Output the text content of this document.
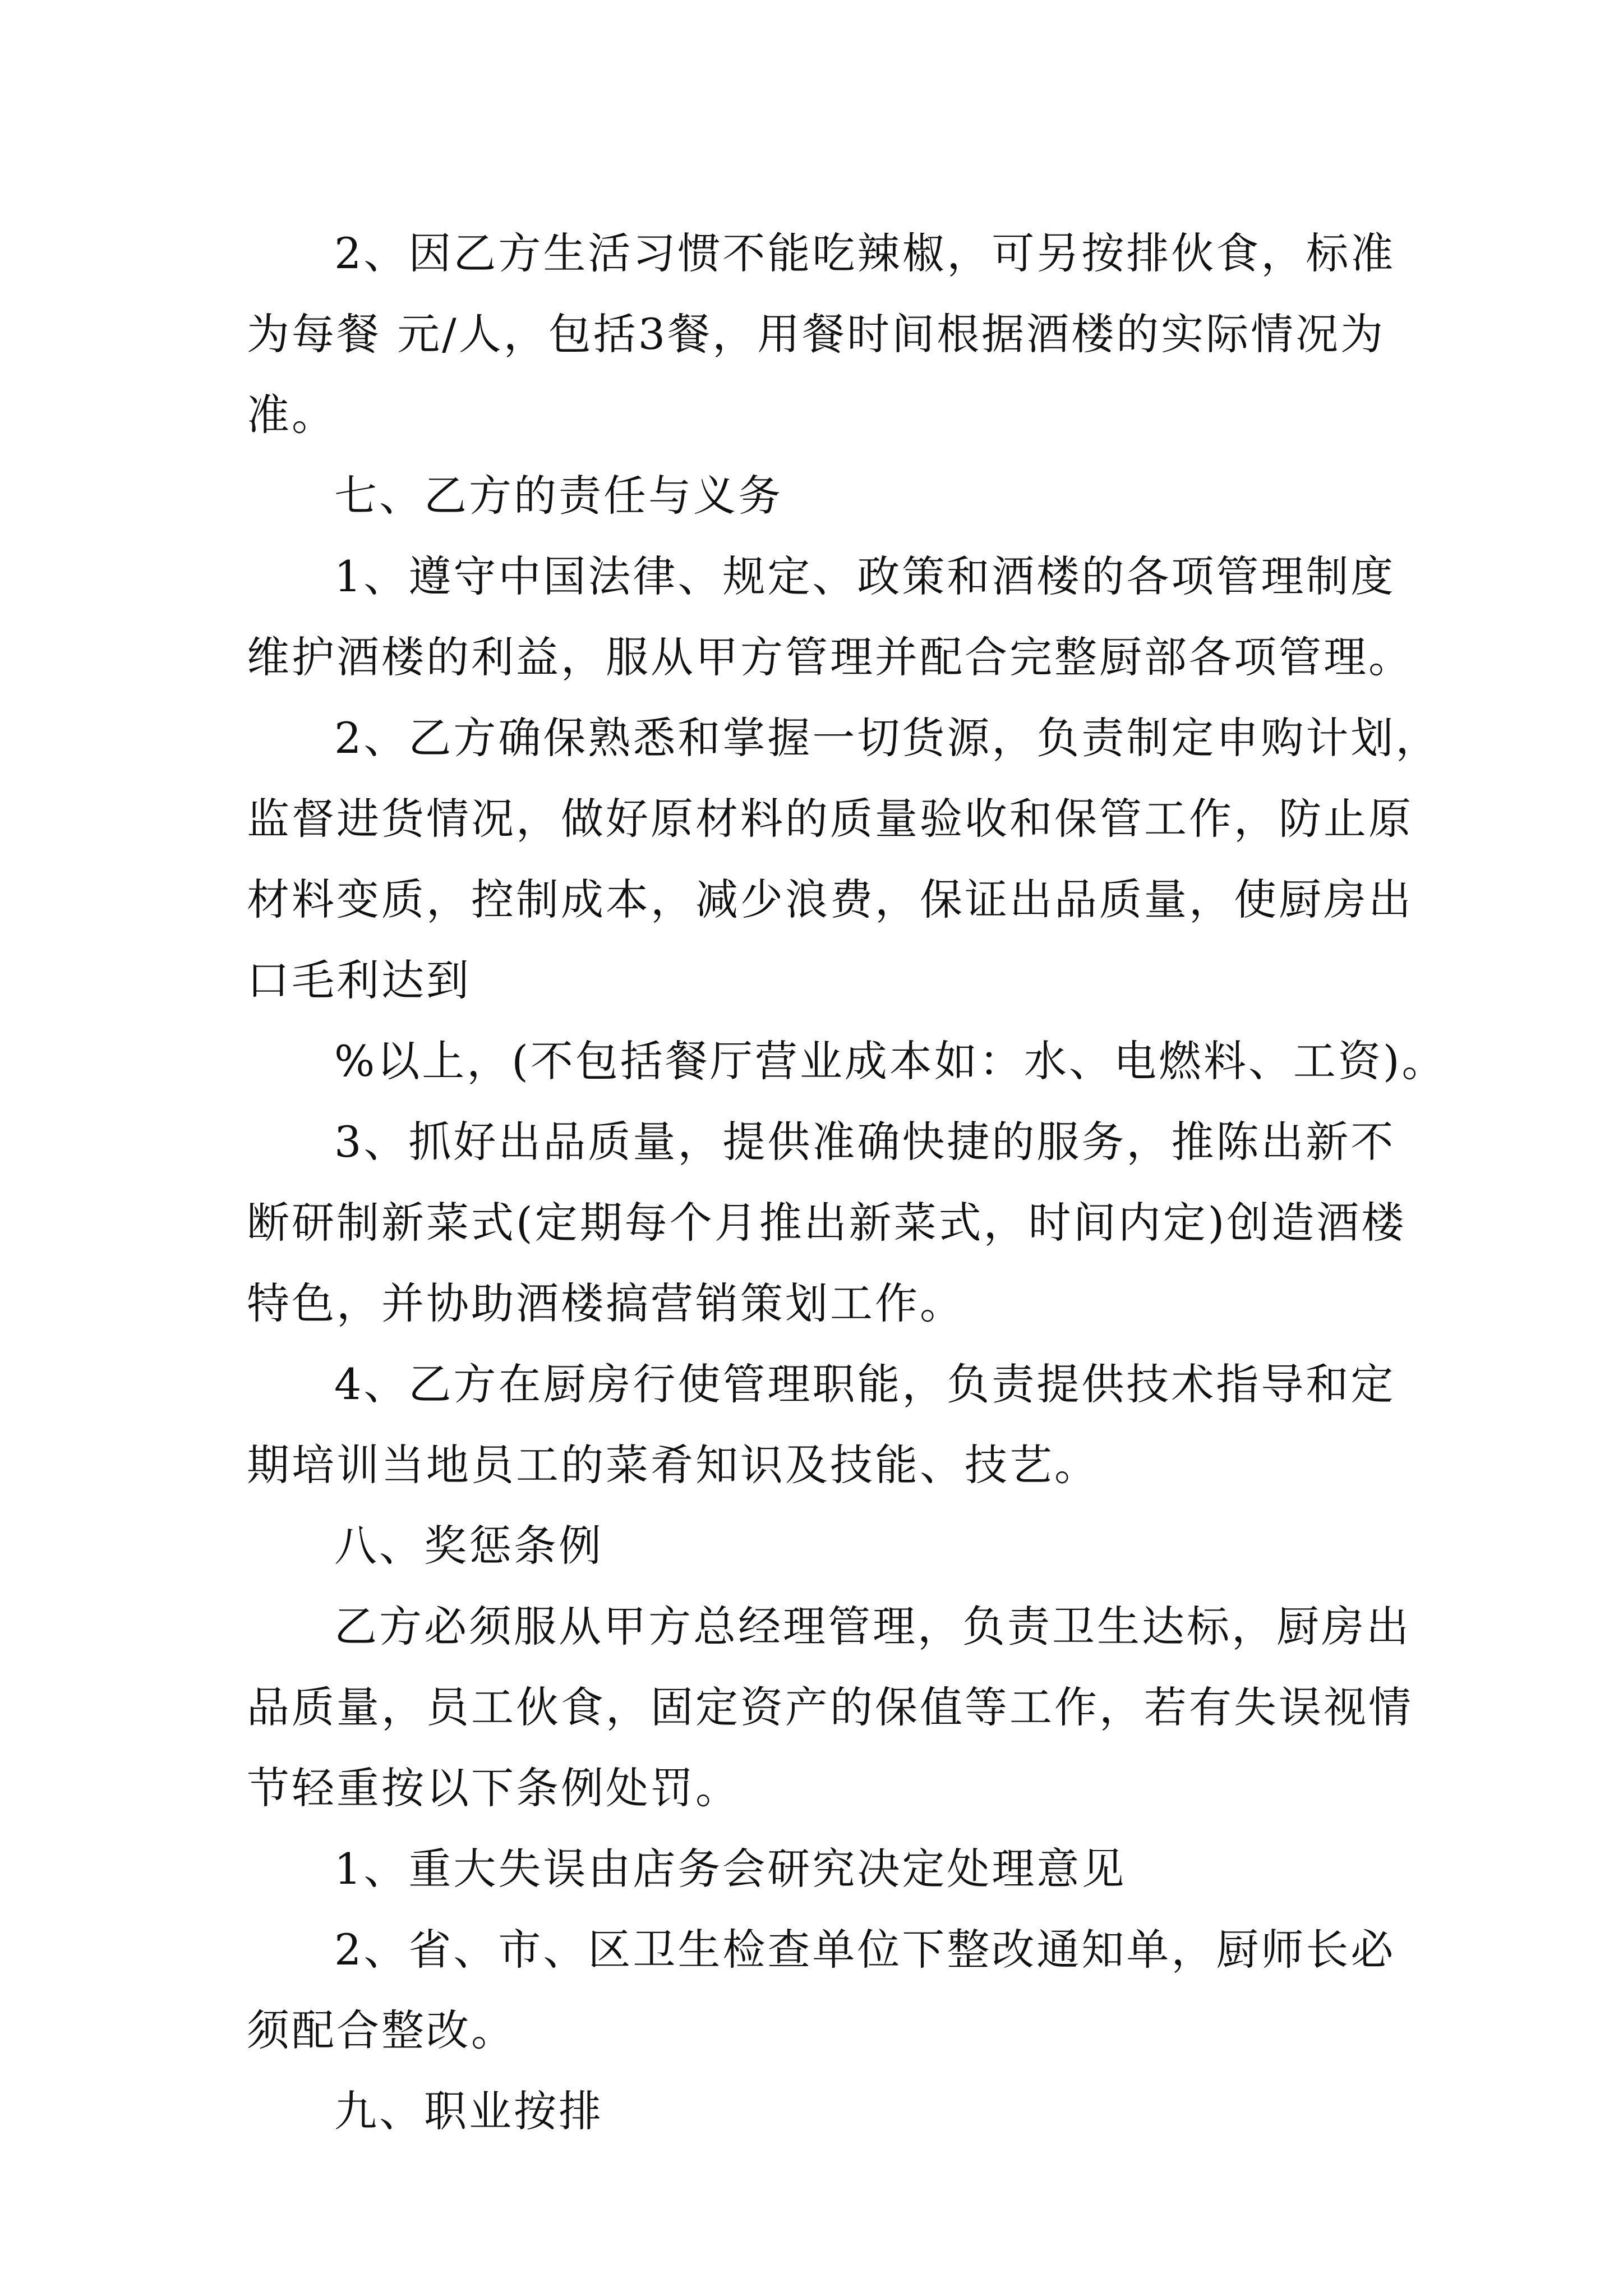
2、因乙方生活习惯不能吃辣椒，可另按排伙食，标准
为每餐 元/人，包括3餐，用餐时间根据酒楼的实际情况为
准。
七、乙方的责任与义务
1、遵守中国法律、规定、政策和酒楼的各项管理制度
维护酒楼的利益，服从甲方管理并配合完整厨部各项管理。
2、乙方确保熟悉和掌握一切货源，负责制定申购计划，
监督进货情况，做好原材料的质量验收和保管工作，防止原
材料变质，控制成本，减少浪费，保证出品质量，使厨房出
口毛利达到
%以上，(不包括餐厅营业成本如：水、电燃料、工资)。
3、抓好出品质量，提供准确快捷的服务，推陈出新不
断研制新菜式(定期每个月推出新菜式，时间内定)创造酒楼
特色，并协助酒楼搞营销策划工作。
4、乙方在厨房行使管理职能，负责提供技术指导和定
期培训当地员工的菜肴知识及技能、技艺。
八、奖惩条例
乙方必须服从甲方总经理管理，负责卫生达标，厨房出
品质量，员工伙食，固定资产的保值等工作，若有失误视情
节轻重按以下条例处罚。
1、重大失误由店务会研究决定处理意见
2、省、市、区卫生检查单位下整改通知单，厨师长必
须配合整改。
九、职业按排
